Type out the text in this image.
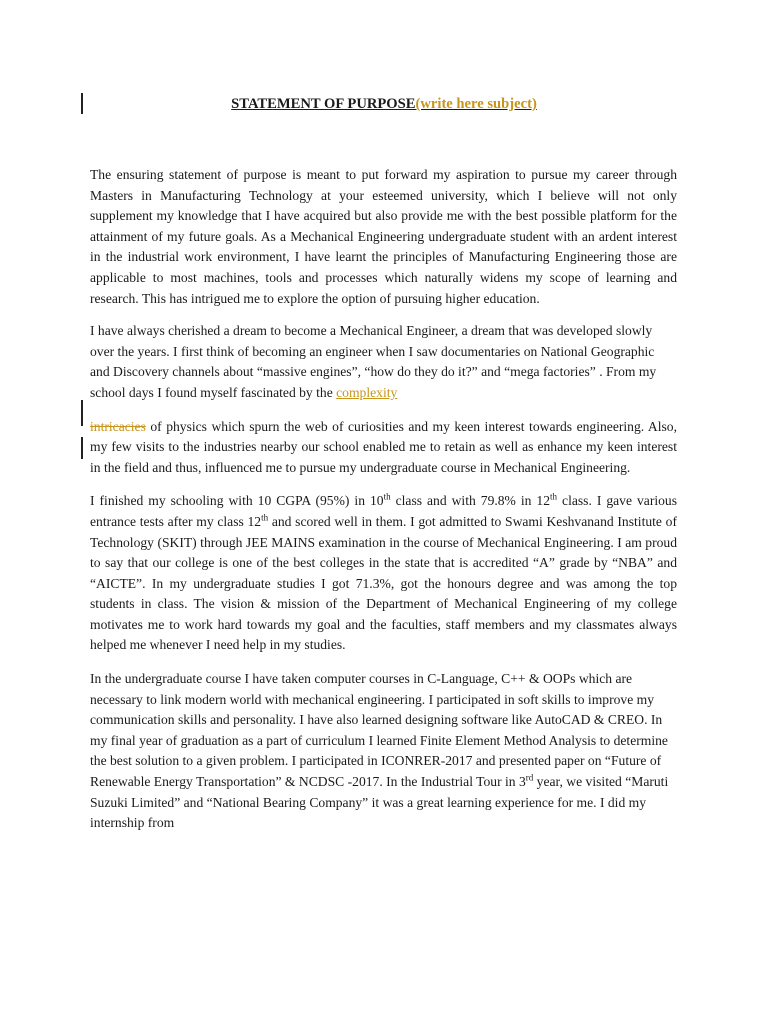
STATEMENT OF PURPOSE(write here subject)

The ensuring statement of purpose is meant to put forward my aspiration to pursue my career through Masters in Manufacturing Technology at your esteemed university, which I believe will not only supplement my knowledge that I have acquired but also provide me with the best possible platform for the attainment of my future goals. As a Mechanical Engineering undergraduate student with an ardent interest in the industrial work environment, I have learnt the principles of Manufacturing Engineering those are applicable to most machines, tools and processes which naturally widens my scope of learning and research. This has intrigued me to explore the option of pursuing higher education.

I have always cherished a dream to become a Mechanical Engineer, a dream that was developed slowly over the years. I first think of becoming an engineer when I saw documentaries on National Geographic and Discovery channels about “massive engines”, “how do they do it?” and “mega factories” . From my school days I found myself fascinated by the complexity

intricacies of physics which spurn the web of curiosities and my keen interest towards engineering. Also, my few visits to the industries nearby our school enabled me to retain as well as enhance my keen interest in the field and thus, influenced me to pursue my undergraduate course in Mechanical Engineering.

I finished my schooling with 10 CGPA (95%) in 10th class and with 79.8% in 12th class. I gave various entrance tests after my class 12th and scored well in them. I got admitted to Swami Keshvanand Institute of Technology (SKIT) through JEE MAINS examination in the course of Mechanical Engineering. I am proud to say that our college is one of the best colleges in the state that is accredited “A” grade by “NBA” and “AICTE”. In my undergraduate studies I got 71.3%, got the honours degree and was among the top students in class. The vision & mission of the Department of Mechanical Engineering of my college motivates me to work hard towards my goal and the faculties, staff members and my classmates always helped me whenever I need help in my studies.

In the undergraduate course I have taken computer courses in C-Language, C++ & OOPs which are necessary to link modern world with mechanical engineering. I participated in soft skills to improve my communication skills and personality. I have also learned designing software like AutoCAD & CREO. In my final year of graduation as a part of curriculum I learned Finite Element Method Analysis to determine the best solution to a given problem. I participated in ICONRER-2017 and presented paper on “Future of Renewable Energy Transportation” & NCDSC -2017. In the Industrial Tour in 3rd year, we visited “Maruti Suzuki Limited” and “National Bearing Company” it was a great learning experience for me. I did my internship from
